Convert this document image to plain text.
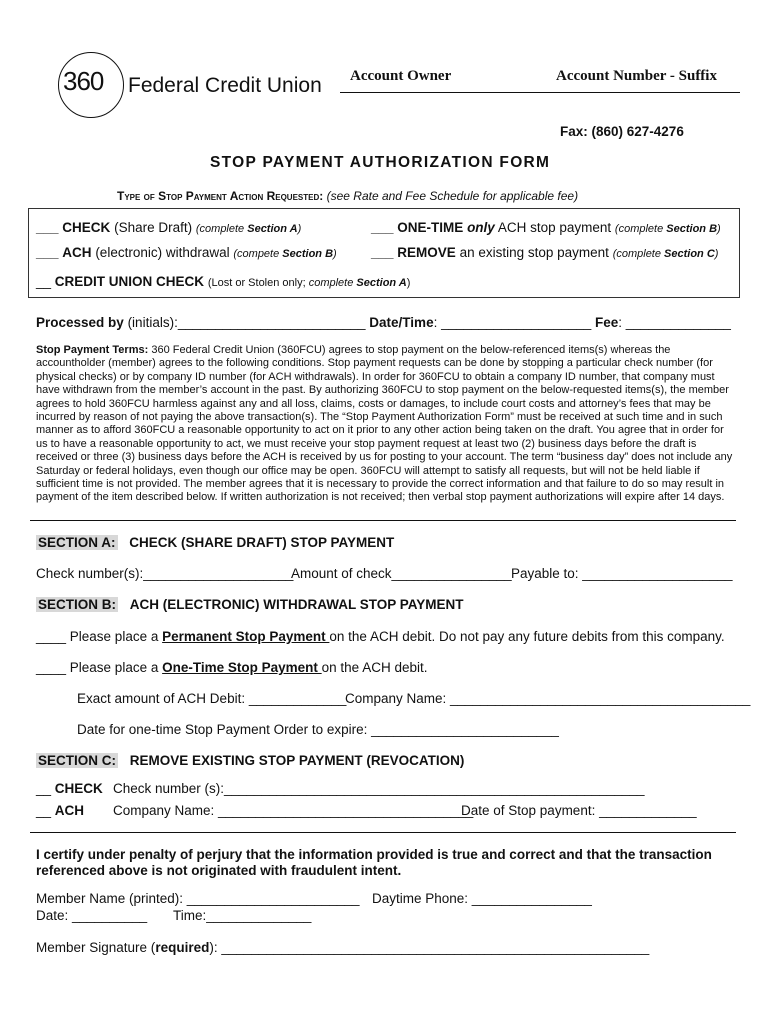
360 Federal Credit Union Account Owner	Account Number - Suffix
Fax: (860) 627-4276
STOP PAYMENT AUTHORIZATION FORM
Type of Stop Payment Action Requested: (see Rate and Fee Schedule for applicable fee)
___ CHECK (Share Draft) (complete Section A)	___ ONE-TIME only ACH stop payment (complete Section B)
___ ACH (electronic) withdrawal (compete Section B)	___ REMOVE an existing stop payment (complete Section C)
__ CREDIT UNION CHECK (Lost or Stolen only; complete Section A)
Processed by (initials):_________________________ Date/Time: ____________________ Fee: ______________
Stop Payment Terms: 360 Federal Credit Union (360FCU) agrees to stop payment on the below-referenced items(s) whereas the accountholder (member) agrees to the following conditions. Stop payment requests can be done by stopping a particular check number (for physical checks) or by company ID number (for ACH withdrawals). In order for 360FCU to obtain a company ID number, that company must have withdrawn from the member’s account in the past. By authorizing 360FCU to stop payment on the below-requested items(s), the member agrees to hold 360FCU harmless against any and all loss, claims, costs or damages, to include court costs and attorney’s fees that may be incurred by reason of not paying the above transaction(s). The “Stop Payment Authorization Form” must be received at such time and in such manner as to afford 360FCU a reasonable opportunity to act on it prior to any other action being taken on the draft. You agree that in order for us to have a reasonable opportunity to act, we must receive your stop payment request at least two (2) business days before the draft is received or three (3) business days before the ACH is received by us for posting to your account. The term “business day” does not include any Saturday or federal holidays, even though our office may be open. 360FCU will attempt to satisfy all requests, but will not be held liable if sufficient time is not provided. The member agrees that it is necessary to provide the correct information and that failure to do so may result in payment of the item described below. If written authorization is not received; then verbal stop payment authorizations will expire after 14 days.
SECTION A: CHECK (SHARE DRAFT) STOP PAYMENT
Check number(s):____________________
Amount of check________________ Payable to: ____________________
SECTION B: ACH (ELECTRONIC) WITHDRAWAL STOP PAYMENT
____ Please place a Permanent Stop Payment on the ACH debit. Do not pay any future debits from this company.
____ Please place a One-Time Stop Payment on the ACH debit.
Exact amount of ACH Debit: _____________
Company Name: ________________________________________
Date for one-time Stop Payment Order to expire: _________________________
SECTION C: REMOVE EXISTING STOP PAYMENT (REVOCATION)
__ CHECK Check number (s):________________________________________________________
__ ACH Company Name: __________________________________
Date of Stop payment: _____________
I certify under penalty of perjury that the information provided is true and correct and that the transaction
referenced above is not originated with fraudulent intent.
Member Name (printed): _______________________ Daytime Phone: ________________
Date: __________ Time:______________
Member Signature (required): _________________________________________________________
